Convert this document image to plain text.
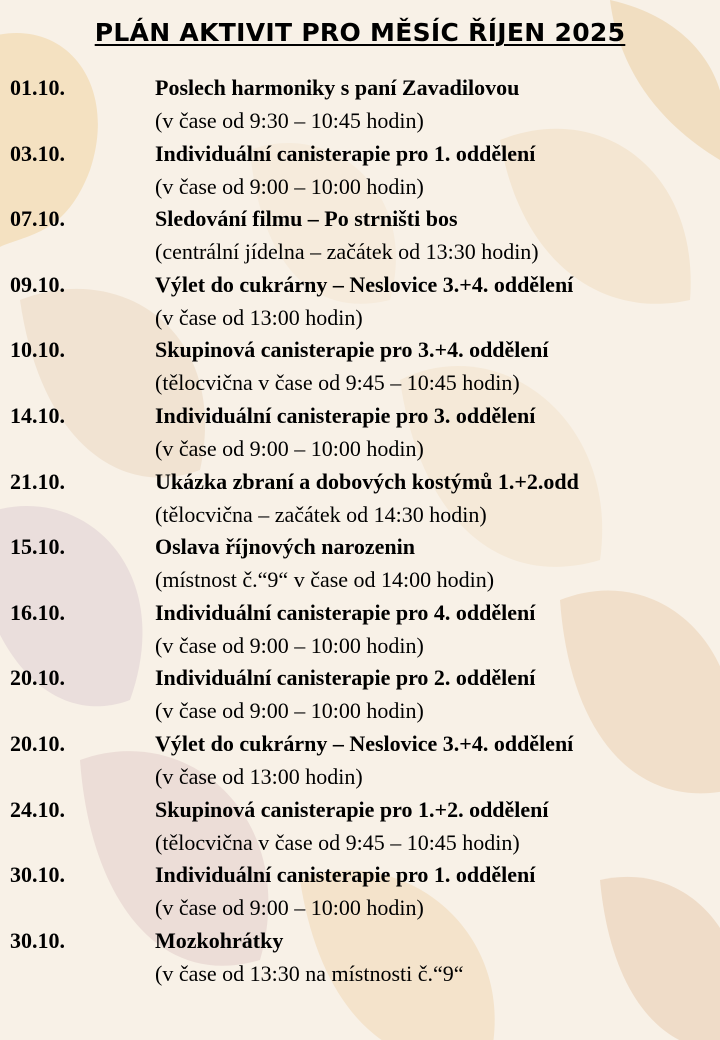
PLÁN AKTIVIT PRO MĚSÍC ŘÍJEN 2025
01.10.	Poslech harmoniky s paní Zavadilovou
(v čase od 9:30 – 10:45 hodin)
03.10.	Individuální canisterapie pro 1. oddělení
(v čase od 9:00 – 10:00 hodin)
07.10.	Sledování filmu – Po strništi bos
(centrální jídelna – začátek od 13:30 hodin)
09.10.	Výlet do cukrárny – Neslovice 3.+4. oddělení
(v čase od 13:00 hodin)
10.10.	Skupinová canisterapie pro 3.+4. oddělení
(tělocvična v čase od 9:45 – 10:45 hodin)
14.10.	Individuální canisterapie pro 3. oddělení
(v čase od 9:00 – 10:00 hodin)
21.10.	Ukázka zbraní a dobových kostýmů 1.+2.odd
(tělocvična – začátek od 14:30 hodin)
15.10.	Oslava říjnových narozenin
(místnost č.“9“ v čase od 14:00 hodin)
16.10.	Individuální canisterapie pro 4. oddělení
(v čase od 9:00 – 10:00 hodin)
20.10.	Individuální canisterapie pro 2. oddělení
(v čase od 9:00 – 10:00 hodin)
20.10.	Výlet do cukrárny – Neslovice 3.+4. oddělení
(v čase od 13:00 hodin)
24.10.	Skupinová canisterapie pro 1.+2. oddělení
(tělocvična v čase od 9:45 – 10:45 hodin)
30.10.	Individuální canisterapie pro 1. oddělení
(v čase od 9:00 – 10:00 hodin)
30.10.	Mozkohrátky
(v čase od 13:30 na místnosti č.“9“
